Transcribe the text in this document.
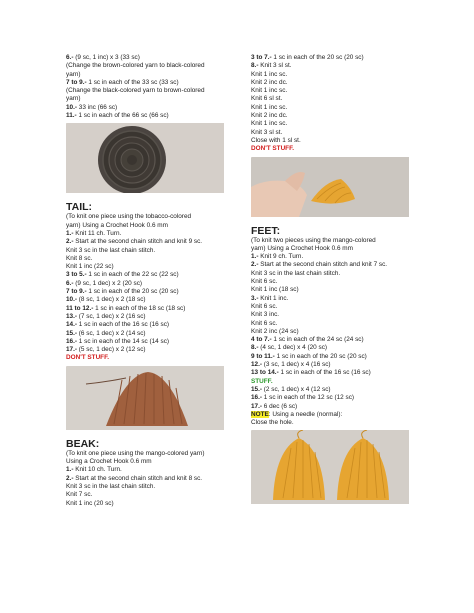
6.- (9 sc, 1 inc) x 3 (33 sc)
(Change the brown-colored yarn to black-colored
yarn)
7 to 9.- 1 sc in each of the 33 sc (33 sc)
(Change the black-colored yarn to brown-colored
yarn)
10.- 33 inc (66 sc)
11.- 1 sc in each of the 66 sc (66 sc)
TAIL:
(To knit one piece using the tobacco-colored
yarn) Using a Crochet Hook 0.6 mm
1.- Knit 11 ch. Turn.
2.- Start at the second chain stitch and knit 9 sc.
Knit 3 sc in the last chain stitch.
Knit 8 sc.
Knit 1 inc (22 sc)
3 to 5.- 1 sc in each of the 22 sc (22 sc)
6.- (9 sc, 1 dec) x 2 (20 sc)
7 to 9.- 1 sc in each of the 20 sc (20 sc)
10.- (8 sc, 1 dec) x 2 (18 sc)
11 to 12.- 1 sc in each of the 18 sc (18 sc)
13.- (7 sc, 1 dec) x 2 (16 sc)
14.- 1 sc in each of the 16 sc (16 sc)
15.- (6 sc, 1 dec) x 2 (14 sc)
16.- 1 sc in each of the 14 sc (14 sc)
17.- (5 sc, 1 dec) x 2 (12 sc)
DON'T STUFF.
BEAK:
(To knit one piece using the mango-colored yarn)
Using a Crochet Hook 0.6 mm
1.- Knit 10 ch. Turn.
2.- Start at the second chain stitch and knit 8 sc.
Knit 3 sc in the last chain stitch.
Knit 7 sc.
Knit 1 inc (20 sc)
3 to 7.- 1 sc in each of the 20 sc (20 sc)
8.- Knit 3 sl st.
Knit 1 inc sc.
Knit 2 inc dc.
Knit 1 inc sc.
Knit 6 sl st.
Knit 1 inc sc.
Knit 2 inc dc.
Knit 1 inc sc.
Knit 3 sl st.
Close with 1 sl st.
DON'T STUFF.
FEET:
(To knit two pieces using the mango-colored
yarn) Using a Crochet Hook 0.6 mm
1.- Knit 9 ch. Turn.
2.- Start at the second chain stitch and knit 7 sc.
Knit 3 sc in the last chain stitch.
Knit 6 sc.
Knit 1 inc (18 sc)
3.- Knit 1 inc.
Knit 6 sc.
Knit 3 inc.
Knit 6 sc.
Knit 2 inc (24 sc)
4 to 7.- 1 sc in each of the 24 sc (24 sc)
8.- (4 sc, 1 dec) x 4 (20 sc)
9 to 11.- 1 sc in each of the 20 sc (20 sc)
12.- (3 sc, 1 dec) x 4 (16 sc)
13 to 14.- 1 sc in each of the 16 sc (16 sc)
STUFF.
15.- (2 sc, 1 dec) x 4 (12 sc)
16.- 1 sc in each of the 12 sc (12 sc)
17.- 6 dec (6 sc)
NOTE: Using a needle (normal):
Close the hole.
